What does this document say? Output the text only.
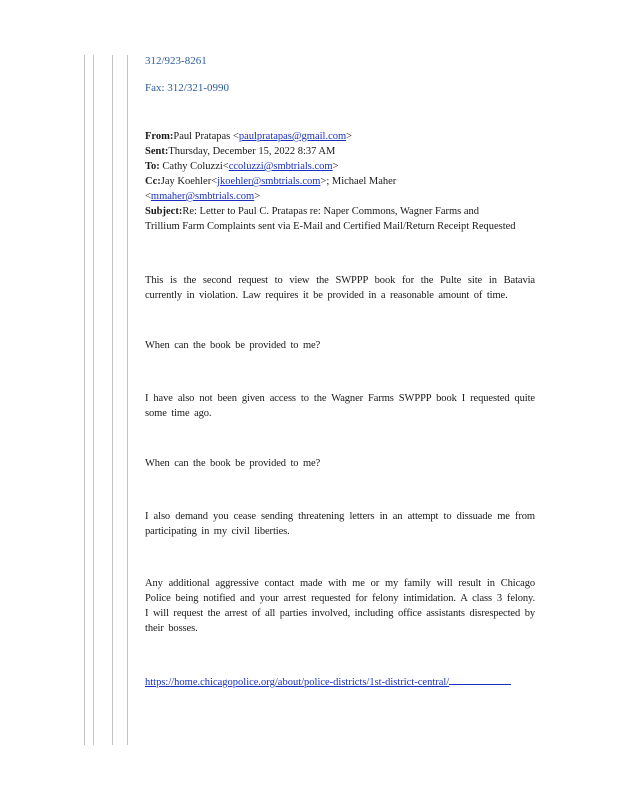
312/923-8261
Fax: 312/321-0990
From:Paul Pratapas <paulpratapas@gmail.com>
Sent:Thursday, December 15, 2022 8:37 AM
To: Cathy Coluzzi<ccoluzzi@smbtrials.com>
Cc:Jay Koehler<jkoehler@smbtrials.com>; Michael Maher
<mmaher@smbtrials.com>
Subject:Re: Letter to Paul C. Pratapas re: Naper Commons, Wagner Farms and
Trillium Farm Complaints sent via E-Mail and Certified Mail/Return Receipt Requested
This is the second request to view the SWPPP book for the Pulte site in Batavia currently in violation. Law requires it be provided in a reasonable amount of time.
When can the book be provided to me?
I have also not been given access to the Wagner Farms SWPPP book I requested quite some time ago.
When can the book be provided to me?
I also demand you cease sending threatening letters in an attempt to dissuade me from participating in my civil liberties.
Any additional aggressive contact made with me or my family will result in Chicago Police being notified and your arrest requested for felony intimidation. A class 3 felony. I will request the arrest of all parties involved, including office assistants disrespected by their bosses.
https://home.chicagopolice.org/about/police-districts/1st-district-central/
